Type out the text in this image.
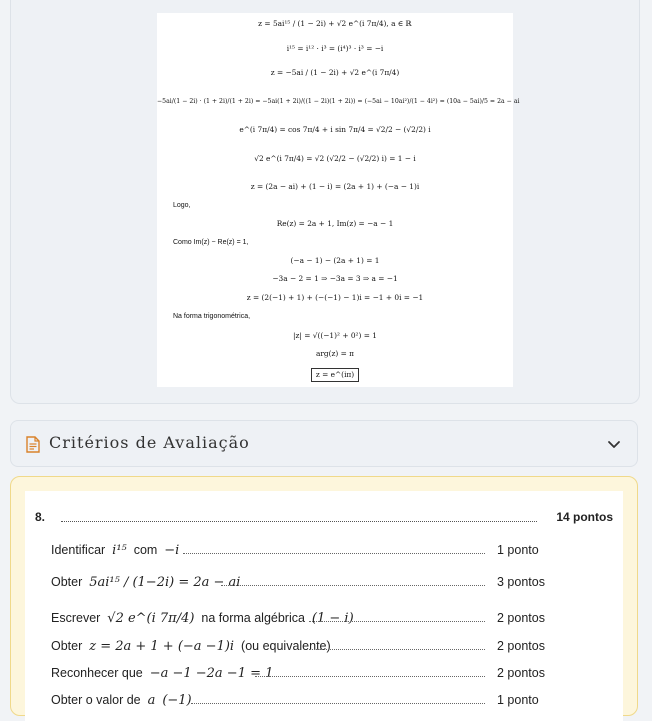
z = 5ai¹⁵ / (1 − 2i) + √2 e^(i 7π/4), a ∈ ℝ
i¹⁵ = i¹² · i³ = (i⁴)³ · i³ = −i
z = −5ai / (1 − 2i) + √2 e^(i 7π/4)
−5ai/(1 − 2i) · (1 + 2i)/(1 + 2i) = −5ai(1 + 2i)/((1 − 2i)(1 + 2i)) = (−5ai − 10ai²)/(1 − 4i²) = (10a − 5ai)/5 = 2a − ai
e^(i 7π/4) = cos 7π/4 + i sin 7π/4 = √2/2 − (√2/2) i
√2 e^(i 7π/4) = √2 (√2/2 − (√2/2) i) = 1 − i
z = (2a − ai) + (1 − i) = (2a + 1) + (−a − 1)i
Logo,
Re(z) = 2a + 1, Im(z) = −a − 1
Como Im(z) − Re(z) = 1,
(−a − 1) − (2a + 1) = 1
−3a − 2 = 1 ⇒ −3a = 3 ⇒ a = −1
z = (2(−1) + 1) + (−(−1) − 1)i = −1 + 0i = −1
Na forma trigonométrica,
|z| = √((−1)² + 0²) = 1
arg(z) = π
z = e^(iπ)
Critérios de Avaliação
8.	14 pontos
Identificar i¹⁵ com −i	1 ponto
Obter 5ai¹⁵ / (1−2i) = 2a − ai	3 pontos
Escrever √2 e^(i 7π/4) na forma algébrica (1 − i)	2 pontos
Obter z = 2a + 1 + (−a −1)i (ou equivalente)	2 pontos
Reconhecer que −a −1 −2a −1 = 1	2 pontos
Obter o valor de a (−1)	1 ponto
